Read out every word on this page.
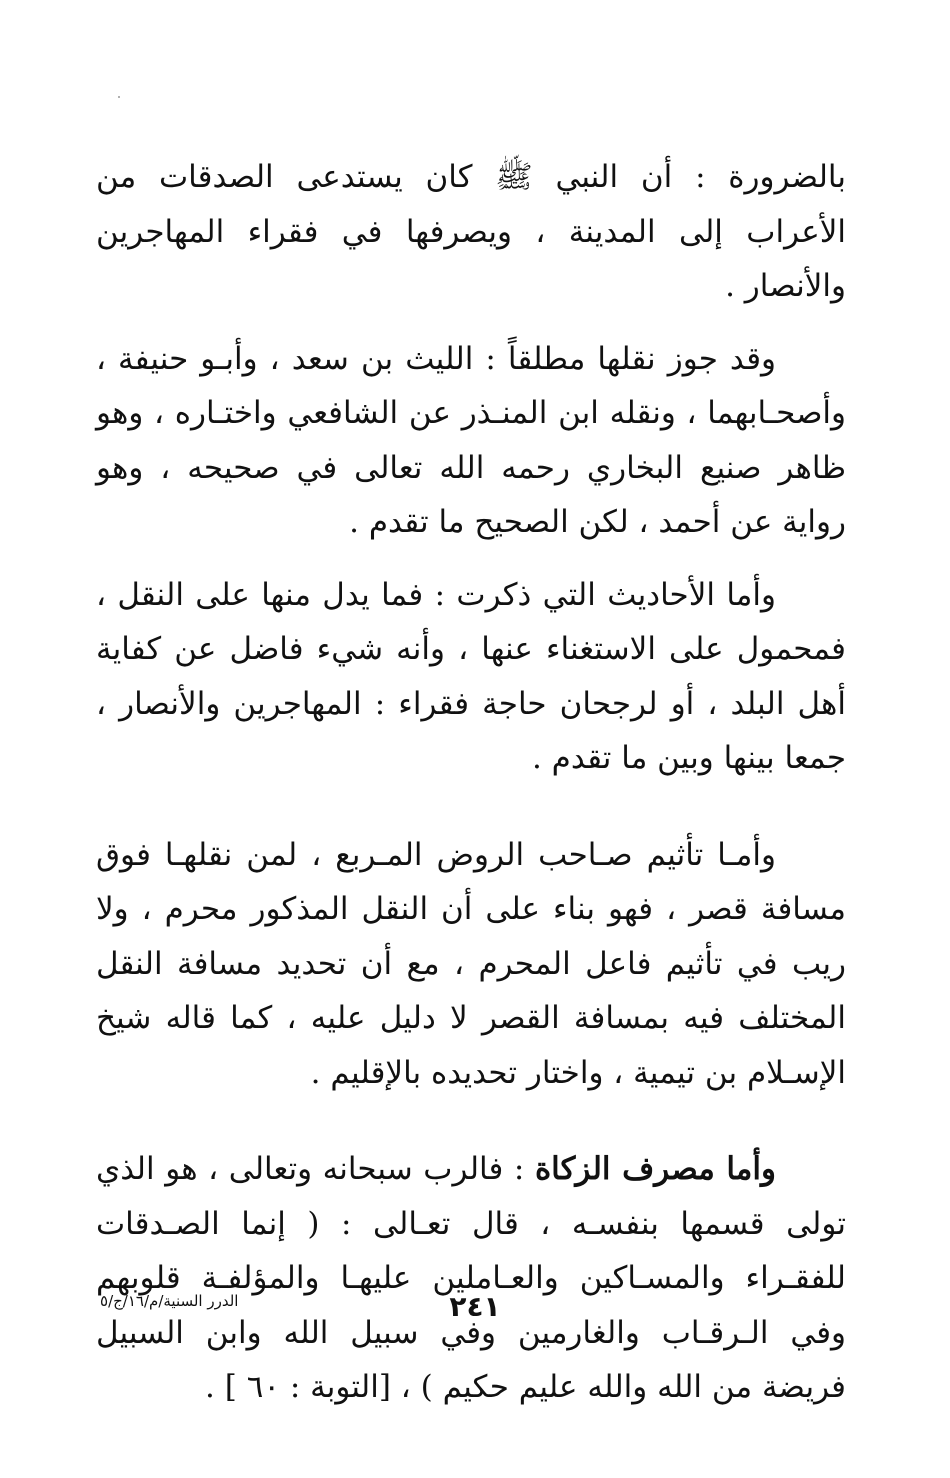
بالضرورة : أن النبي ﷺ كان يستدعى الصدقات من الأعراب إلى المدينة ، ويصرفها في فقراء المهاجرين والأنصار .

وقد جوز نقلها مطلقاً : الليث بن سعد ، وأبـو حنيفة ، وأصحـابهما ، ونقله ابن المنـذر عن الشافعي واختـاره ، وهو ظاهر صنيع البخاري رحمه الله تعالى في صحيحه ، وهو رواية عن أحمد ، لكن الصحيح ما تقدم .

وأما الأحاديث التي ذكرت : فما يدل منها على النقل ، فمحمول على الاستغناء عنها ، وأنه شيء فاضل عن كفاية أهل البلد ، أو لرجحان حاجة فقراء : المهاجرين والأنصار ، جمعا بينها وبين ما تقدم .

وأمـا تأثيم صـاحب الروض المـربع ، لمن نقلهـا فوق مسافة قصر ، فهو بناء على أن النقل المذكور محرم ، ولا ريب في تأثيم فاعل المحرم ، مع أن تحديد مسافة النقل المختلف فيه بمسافة القصر لا دليل عليه ، كما قاله شيخ الإسـلام بن تيمية ، واختار تحديده بالإقليم .

وأما مصرف الزكاة : فالرب سبحانه وتعالى ، هو الذي تولى قسمها بنفسـه ، قال تعـالى : ( إنما الصـدقات للفقـراء والمسـاكين والعـاملين عليهـا والمؤلفـة قلوبهم وفي الـرقـاب والغارمين وفي سبيل الله وابن السبيل فريضة من الله والله عليم حكيم ) ، [التوبة : ٦٠ ] .

٢٤١
الدرر السنية/م/١٦/ج/٥
